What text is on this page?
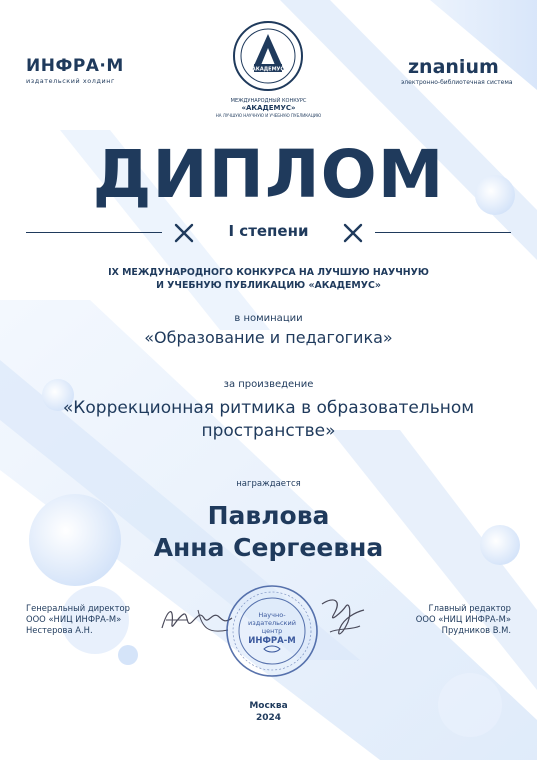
ИНФРА·М
издательский холдинг
znanium
электронно-библиотечная система
АКАДЕМУС
МЕЖДУНАРОДНЫЙ КОНКУРС
«АКАДЕМУС»
НА ЛУЧШУЮ НАУЧНУЮ И УЧЕБНУЮ ПУБЛИКАЦИЮ
ДИПЛОМ
I степени
IX МЕЖДУНАРОДНОГО КОНКУРСА НА ЛУЧШУЮ НАУЧНУЮ
И УЧЕБНУЮ ПУБЛИКАЦИЮ «АКАДЕМУС»
в номинации
«Образование и педагогика»
за произведение
«Коррекционная ритмика в образовательном
пространстве»
награждается
Павлова
Анна Сергеевна
Генеральный директор
ООО «НИЦ ИНФРА-М»
Нестерова А.Н.
Главный редактор
ООО «НИЦ ИНФРА-М»
Прудников В.М.
Научно-
издательский
центр
ИНФРА-М
Москва
2024
